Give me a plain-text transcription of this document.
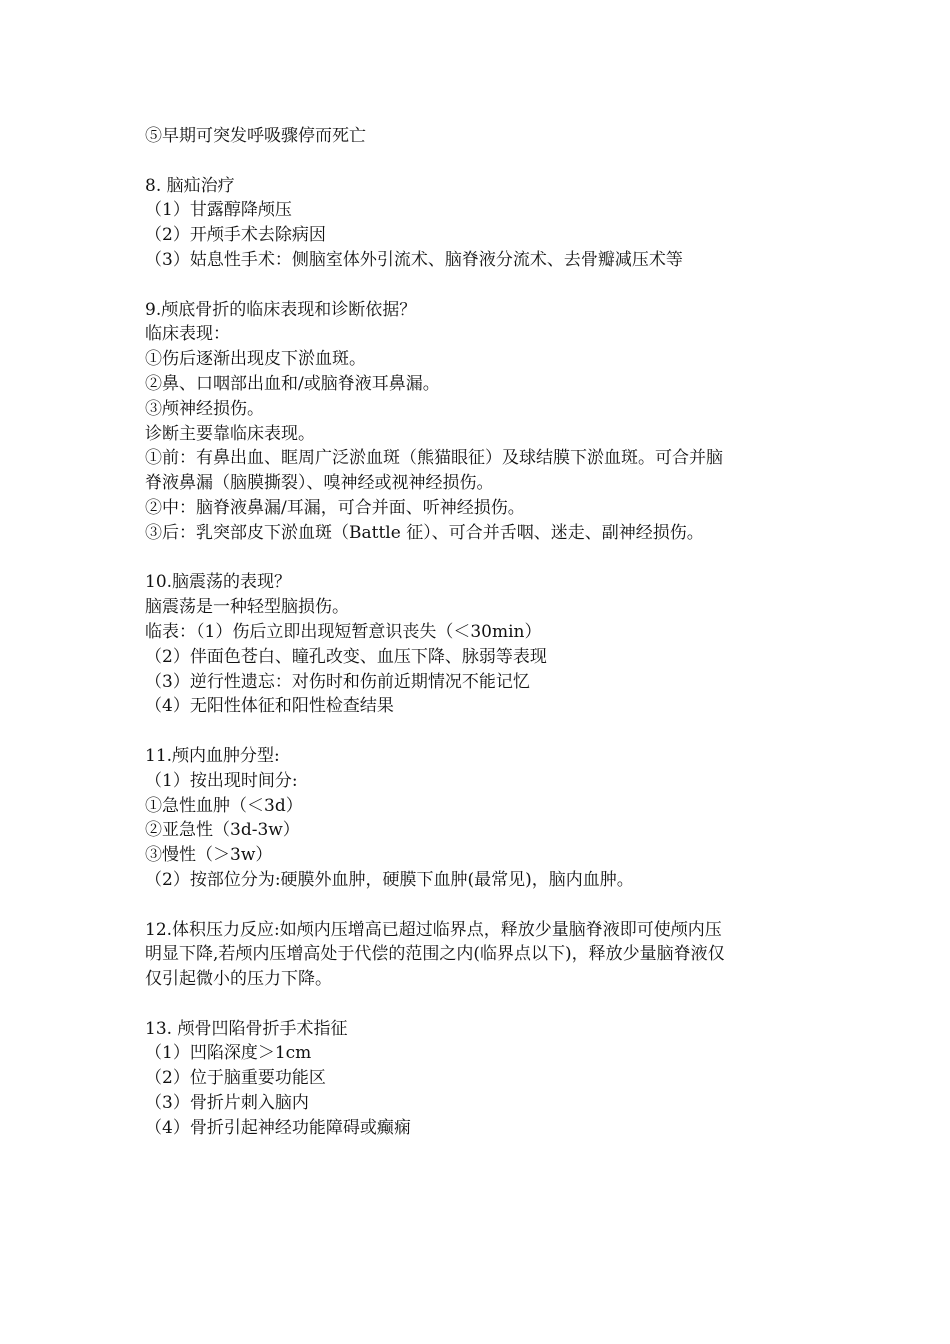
⑤早期可突发呼吸骤停而死亡
8. 脑疝治疗
（1）甘露醇降颅压
（2）开颅手术去除病因
（3）姑息性手术：侧脑室体外引流术、脑脊液分流术、去骨瓣减压术等
9.颅底骨折的临床表现和诊断依据？
临床表现：
①伤后逐渐出现皮下淤血斑。
②鼻、口咽部出血和/或脑脊液耳鼻漏。
③颅神经损伤。
诊断主要靠临床表现。
①前：有鼻出血、眶周广泛淤血斑（熊猫眼征）及球结膜下淤血斑。可合并脑
脊液鼻漏（脑膜撕裂）、嗅神经或视神经损伤。
②中：脑脊液鼻漏/耳漏，可合并面、听神经损伤。
③后：乳突部皮下淤血斑（Battle 征）、可合并舌咽、迷走、副神经损伤。
10.脑震荡的表现？
脑震荡是一种轻型脑损伤。
临表：（1）伤后立即出现短暂意识丧失（＜30min）
（2）伴面色苍白、瞳孔改变、血压下降、脉弱等表现
（3）逆行性遗忘：对伤时和伤前近期情况不能记忆
（4）无阳性体征和阳性检查结果
11.颅内血肿分型:
（1）按出现时间分:
①急性血肿（＜3d）
②亚急性（3d-3w）
③慢性（＞3w）
（2）按部位分为:硬膜外血肿，硬膜下血肿(最常见)，脑内血肿。
12.体积压力反应:如颅内压增高已超过临界点，释放少量脑脊液即可使颅内压
明显下降,若颅内压增高处于代偿的范围之内(临界点以下)，释放少量脑脊液仅
仅引起微小的压力下降。
13. 颅骨凹陷骨折手术指征
（1）凹陷深度＞1cm
（2）位于脑重要功能区
（3）骨折片刺入脑内
（4）骨折引起神经功能障碍或癫痫
